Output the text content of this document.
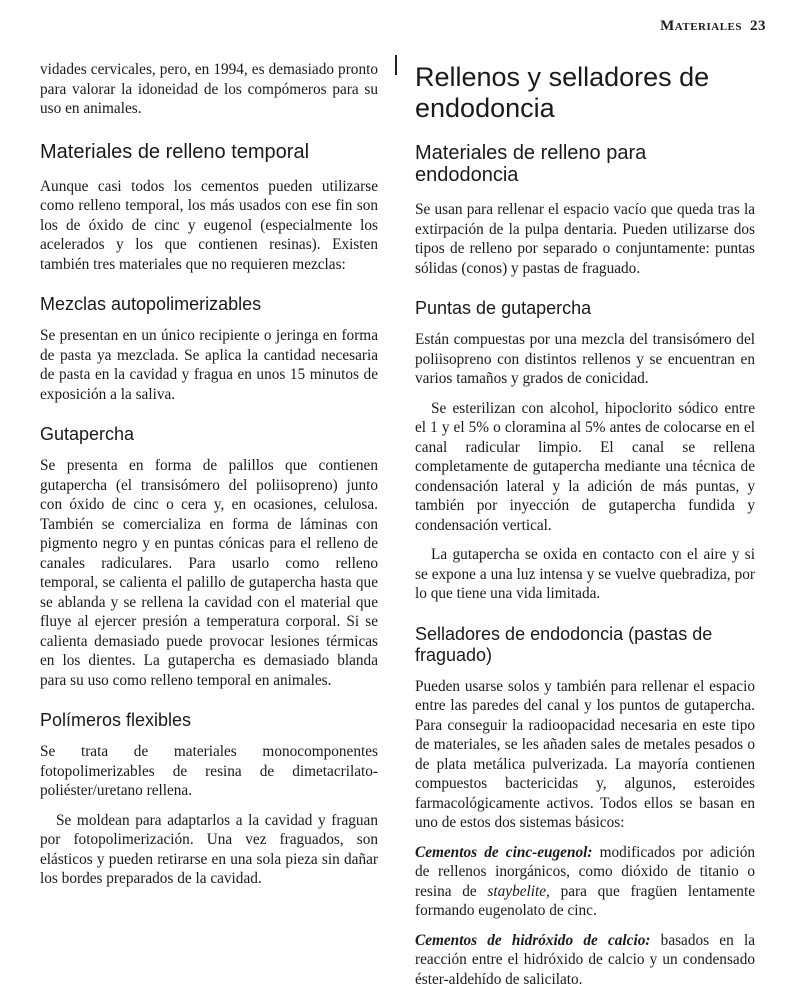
Materiales 23

vidades cervicales, pero, en 1994, es demasiado pronto para valorar la idoneidad de los compómeros para su uso en animales.

Materiales de relleno temporal

Aunque casi todos los cementos pueden utilizarse como relleno temporal, los más usados con ese fin son los de óxido de cinc y eugenol (especialmente los acelerados y los que contienen resinas). Existen también tres materiales que no requieren mezclas:

Mezclas autopolimerizables

Se presentan en un único recipiente o jeringa en forma de pasta ya mezclada. Se aplica la cantidad necesaria de pasta en la cavidad y fragua en unos 15 minutos de exposición a la saliva.

Gutapercha

Se presenta en forma de palillos que contienen gutapercha (el transisómero del poliisopreno) junto con óxido de cinc o cera y, en ocasiones, celulosa. También se comercializa en forma de láminas con pigmento negro y en puntas cónicas para el relleno de canales radiculares. Para usarlo como relleno temporal, se calienta el palillo de gutapercha hasta que se ablanda y se rellena la cavidad con el material que fluye al ejercer presión a temperatura corporal. Si se calienta demasiado puede provocar lesiones térmicas en los dientes. La gutapercha es demasiado blanda para su uso como relleno temporal en animales.

Polímeros flexibles

Se trata de materiales monocomponentes fotopolimerizables de resina de dimetacrilato-poliéster/uretano rellena.

Se moldean para adaptarlos a la cavidad y fraguan por fotopolimerización. Una vez fraguados, son elásticos y pueden retirarse en una sola pieza sin dañar los bordes preparados de la cavidad.

Rellenos y selladores de endodoncia
Materiales de relleno para endodoncia

Se usan para rellenar el espacio vacío que queda tras la extirpación de la pulpa dentaria. Pueden utilizarse dos tipos de relleno por separado o conjuntamente: puntas sólidas (conos) y pastas de fraguado.

Puntas de gutapercha

Están compuestas por una mezcla del transisómero del poliisopreno con distintos rellenos y se encuentran en varios tamaños y grados de conicidad.

Se esterilizan con alcohol, hipoclorito sódico entre el 1 y el 5% o cloramina al 5% antes de colocarse en el canal radicular limpio. El canal se rellena completamente de gutapercha mediante una técnica de condensación lateral y la adición de más puntas, y también por inyección de gutapercha fundida y condensación vertical.

La gutapercha se oxida en contacto con el aire y si se expone a una luz intensa y se vuelve quebradiza, por lo que tiene una vida limitada.

Selladores de endodoncia (pastas de fraguado)

Pueden usarse solos y también para rellenar el espacio entre las paredes del canal y los puntos de gutapercha. Para conseguir la radioopacidad necesaria en este tipo de materiales, se les añaden sales de metales pesados o de plata metálica pulverizada. La mayoría contienen compuestos bactericidas y, algunos, esteroides farmacológicamente activos. Todos ellos se basan en uno de estos dos sistemas básicos:

Cementos de cinc-eugenol: modificados por adición de rellenos inorgánicos, como dióxido de titanio o resina de staybelite, para que fragüen lentamente formando eugenolato de cinc.

Cementos de hidróxido de calcio: basados en la reacción entre el hidróxido de calcio y un condensado éster-aldehído de salicilato.
